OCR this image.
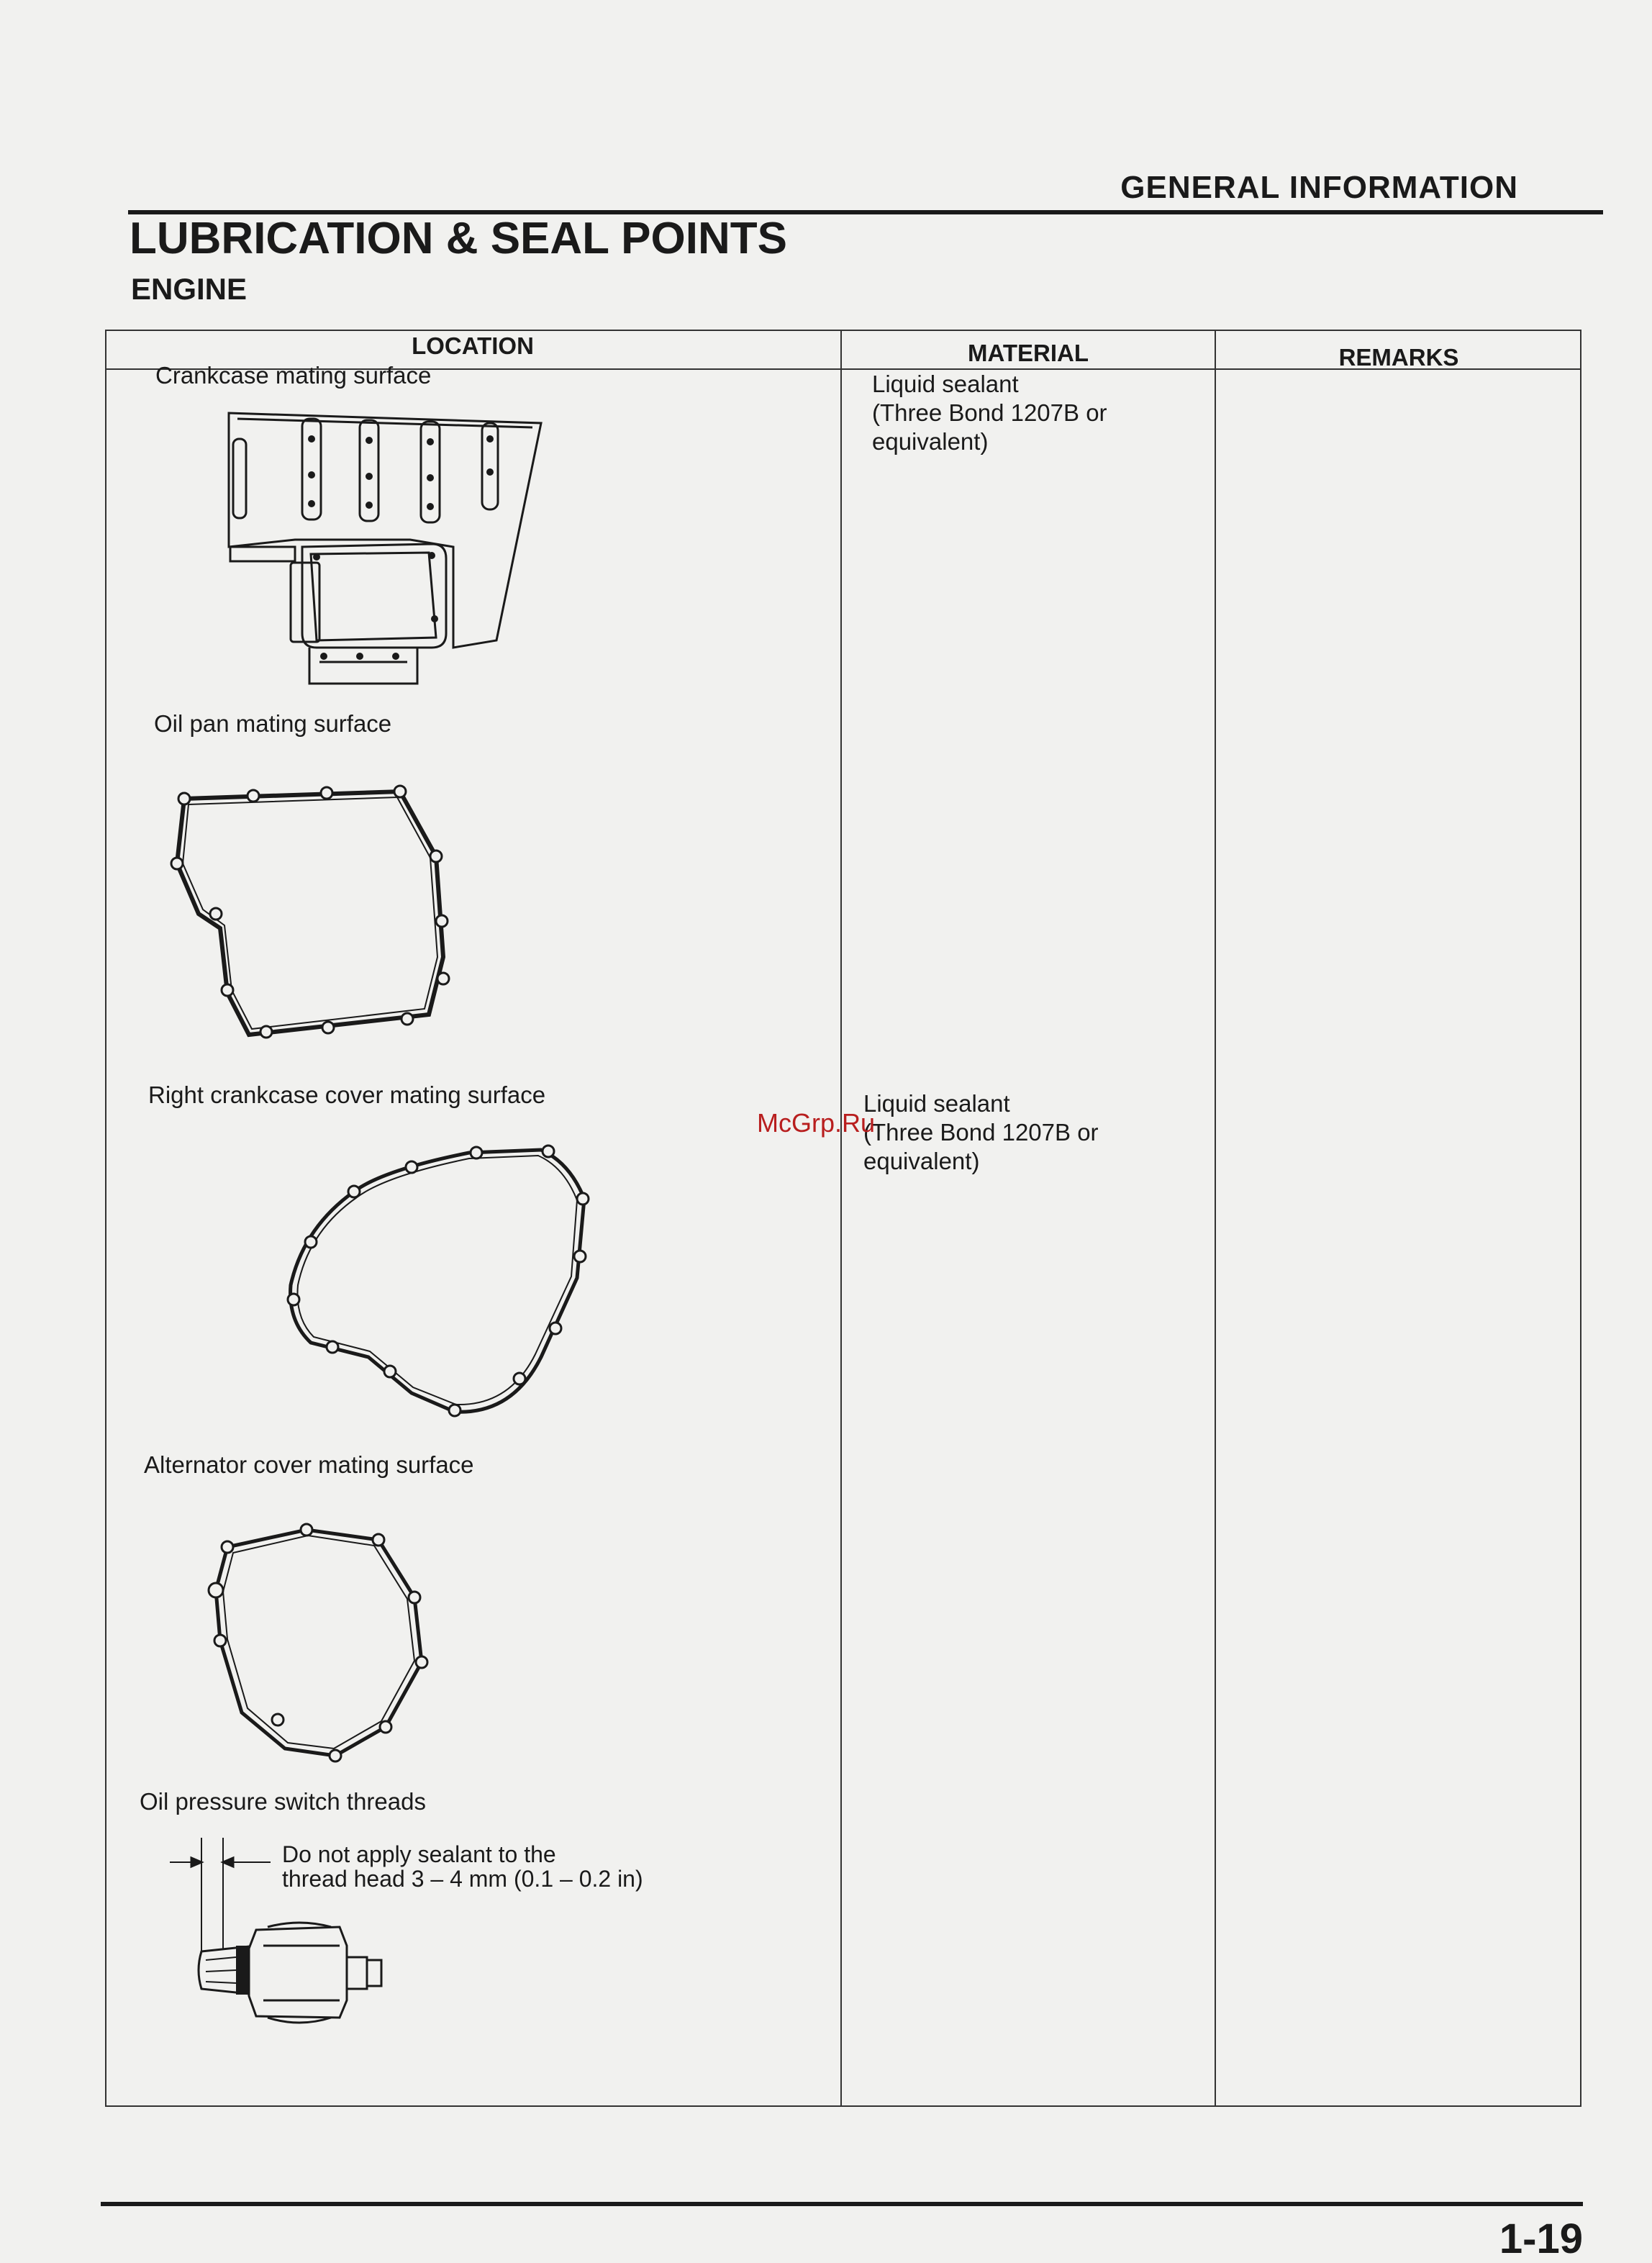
GENERAL INFORMATION
LUBRICATION & SEAL POINTS
ENGINE
LOCATION	MATERIAL	REMARKS
Crankcase mating surface	Liquid sealant
(Three Bond 1207B or
equivalent)
Oil pan mating surface
Right crankcase cover mating surface	Liquid sealant
(Three Bond 1207B or
equivalent)
McGrp.Ru
Alternator cover mating surface
Oil pressure switch threads
Do not apply sealant to the
thread head 3 – 4 mm (0.1 – 0.2 in)
1-19
